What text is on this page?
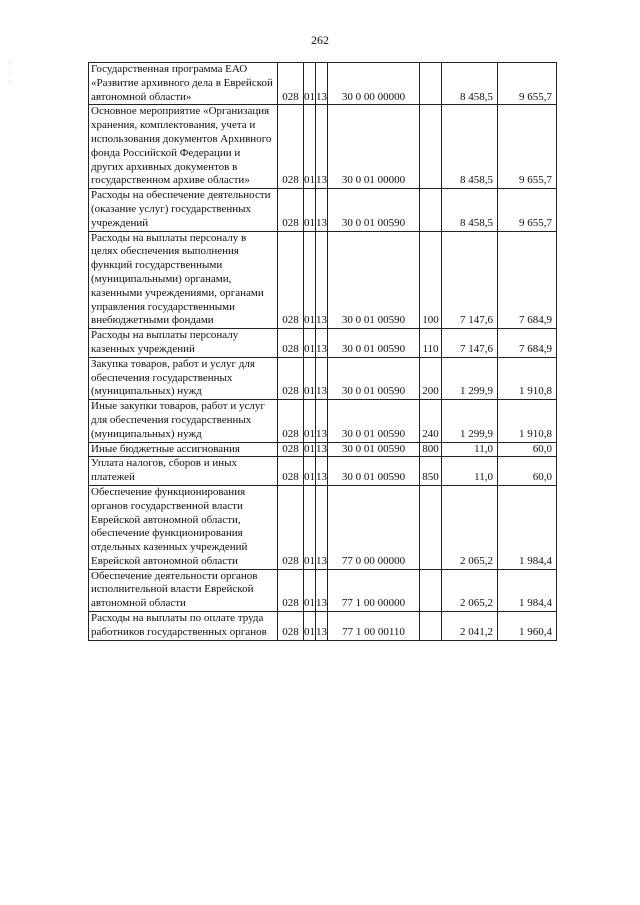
262
·
·
·
Государственная программа ЕАО «Развитие архивного дела в Еврейской автономной области»	028	01	13	30 0 00 00000		8 458,5	9 655,7
Основное мероприятие «Организация хранения, комплектования, учета и использования документов Архивного фонда Российской Федерации и других архивных документов в государственном архиве области»	028	01	13	30 0 01 00000		8 458,5	9 655,7
Расходы на обеспечение деятельности (оказание услуг) государственных учреждений	028	01	13	30 0 01 00590		8 458,5	9 655,7
Расходы на выплаты персоналу в целях обеспечения выполнения функций государственными (муниципальными) органами, казенными учреждениями, органами управления государственными внебюджетными фондами	028	01	13	30 0 01 00590	100	7 147,6	7 684,9
Расходы на выплаты персоналу казенных учреждений	028	01	13	30 0 01 00590	110	7 147,6	7 684,9
Закупка товаров, работ и услуг для обеспечения государственных (муниципальных) нужд	028	01	13	30 0 01 00590	200	1 299,9	1 910,8
Иные закупки товаров, работ и услуг для обеспечения государственных (муниципальных) нужд	028	01	13	30 0 01 00590	240	1 299,9	1 910,8
Иные бюджетные ассигнования	028	01	13	30 0 01 00590	800	11,0	60,0
Уплата налогов, сборов и иных платежей	028	01	13	30 0 01 00590	850	11,0	60,0
Обеспечение функционирования органов государственной власти Еврейской автономной области, обеспечение функционирования отдельных казенных учреждений Еврейской автономной области	028	01	13	77 0 00 00000		2 065,2	1 984,4
Обеспечение деятельности органов исполнительной власти Еврейской автономной области	028	01	13	77 1 00 00000		2 065,2	1 984,4
Расходы на выплаты по оплате труда работников государственных органов	028	01	13	77 1 00 00110		2 041,2	1 960,4
